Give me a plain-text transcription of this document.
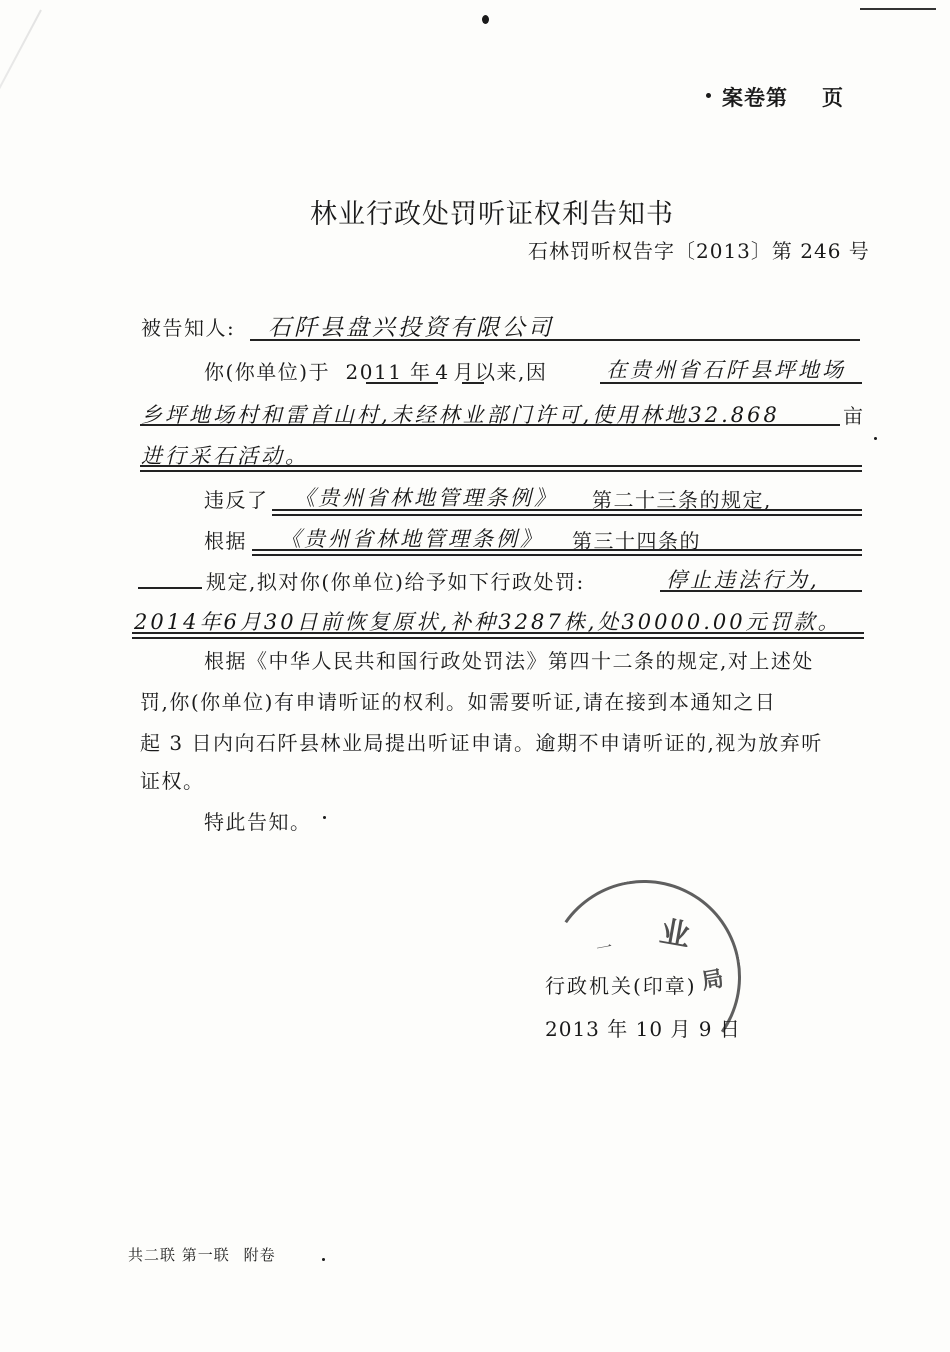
案卷第 页
林业行政处罚听证权利告知书
石林罚听权告字〔2013〕第 246 号
被告知人: 石阡县盘兴投资有限公司
你(你单位)于 2011 年 4 月以来,因	在贵州省石阡县坪地场
乡坪地场村和雷首山村,未经林业部门许可,使用林地32.868	亩
进行采石活动。
违反了 《贵州省林地管理条例》 第二十三条的规定,
根据 《贵州省林地管理条例》 第三十四条的
规定,拟对你(你单位)给予如下行政处罚:	停止违法行为,
2014年6月30日前恢复原状,补种3287株,处30000.00元罚款。
根据《中华人民共和国行政处罚法》第四十二条的规定,对上述处
罚,你(你单位)有申请听证的权利。如需要听证,请在接到本通知之日
起 3 日内向石阡县林业局提出听证申请。逾期不申请听证的,视为放弃听
证权。
特此告知。
业
局
一
行政机关(印章)
2013 年 10 月 9 日
共二联 第一联 附卷
